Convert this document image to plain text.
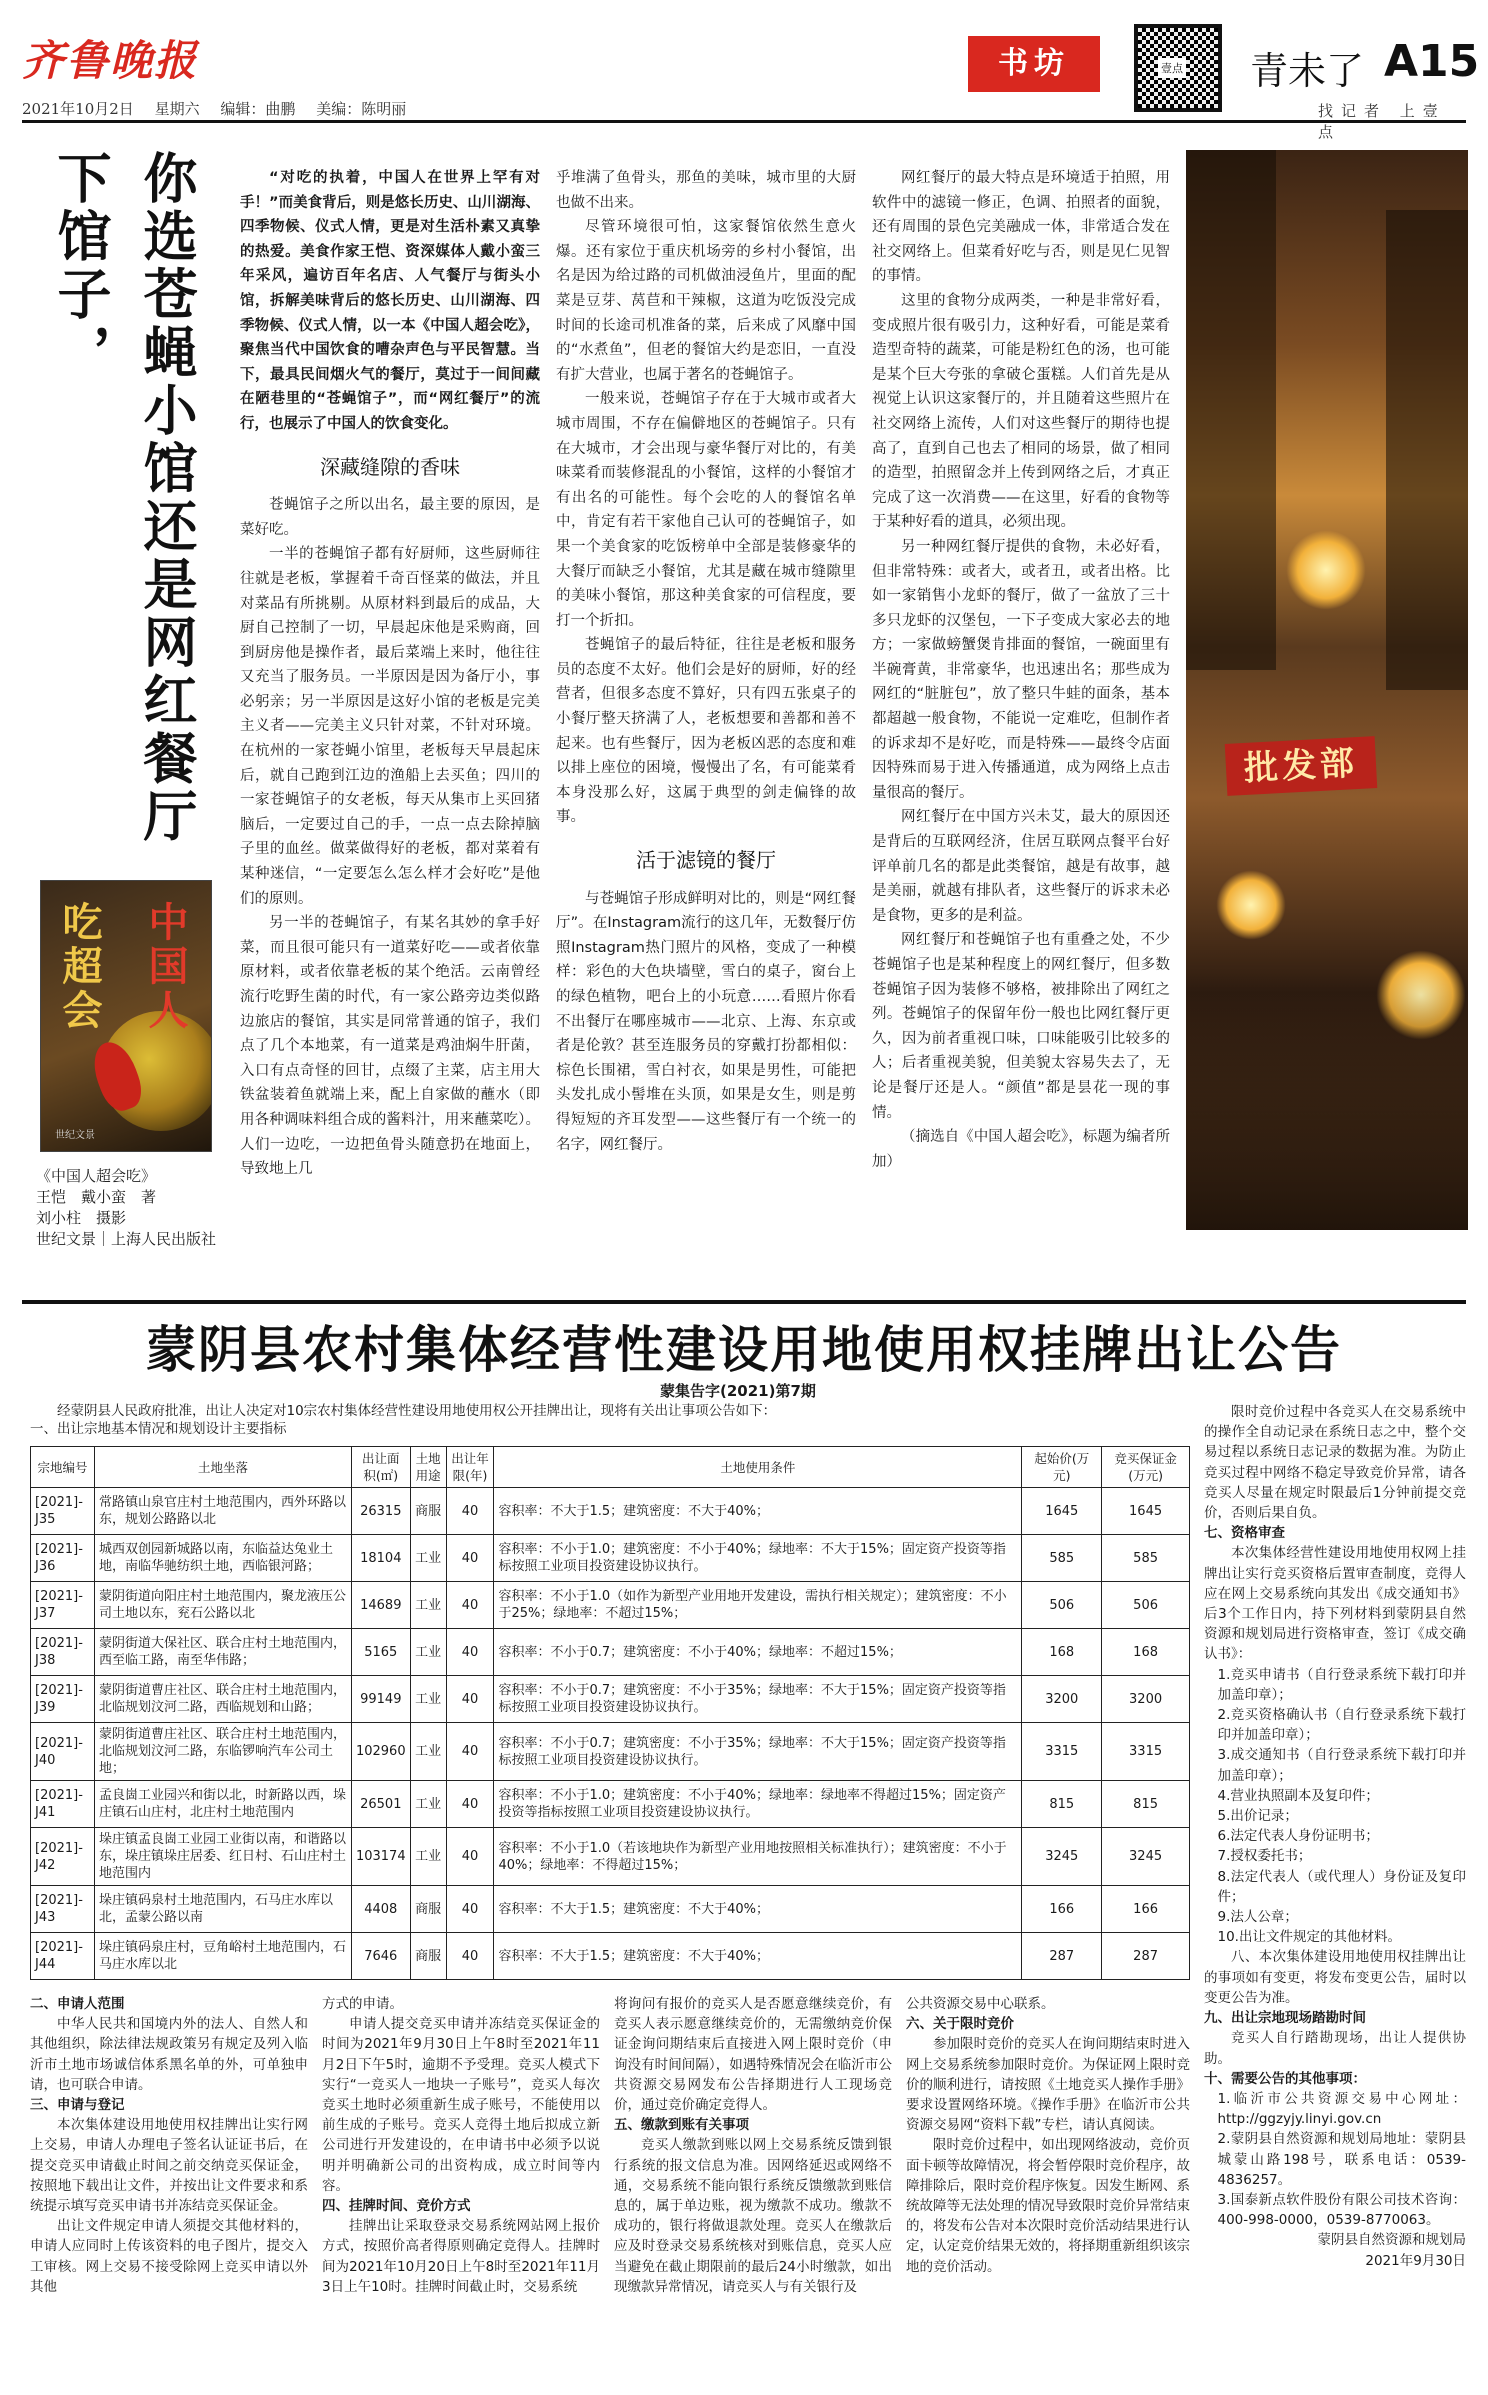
齐鲁晚报
2021年10月2日 星期六 编辑：曲鹏 美编：陈明丽
书坊	壹点 青未了 A15
找记者 上壹点
你选苍蝇小馆还是网红餐厅
下馆子，
吃超会 中国人
世纪文景
《中国人超会吃》
王恺　戴小蛮　著
刘小柱　摄影
世纪文景｜上海人民出版社

“对吃的执着，中国人在世界上罕有对手！”而美食背后，则是悠长历史、山川湖海、四季物候、仪式人情，更是对生活朴素又真挚的热爱。美食作家王恺、资深媒体人戴小蛮三年采风，遍访百年名店、人气餐厅与街头小馆，拆解美味背后的悠长历史、山川湖海、四季物候、仪式人情，以一本《中国人超会吃》，聚焦当代中国饮食的嘈杂声色与平民智慧。当下，最具民间烟火气的餐厅，莫过于一间间藏在陋巷里的“苍蝇馆子”，而“网红餐厅”的流行，也展示了中国人的饮食变化。

深藏缝隙的香味

苍蝇馆子之所以出名，最主要的原因，是菜好吃。

一半的苍蝇馆子都有好厨师，这些厨师往往就是老板，掌握着千奇百怪菜的做法，并且对菜品有所挑剔。从原材料到最后的成品，大厨自己控制了一切，早晨起床他是采购商，回到厨房他是操作者，最后菜端上来时，他往往又充当了服务员。一半原因是因为备厅小，事必躬亲；另一半原因是这好小馆的老板是完美主义者——完美主义只针对菜，不针对环境。在杭州的一家苍蝇小馆里，老板每天早晨起床后，就自己跑到江边的渔船上去买鱼；四川的一家苍蝇馆子的女老板，每天从集市上买回猪脑后，一定要过自己的手，一点一点去除掉脑子里的血丝。做菜做得好的老板，都对菜着有某种迷信，“一定要怎么怎么样才会好吃”是他们的原则。

另一半的苍蝇馆子，有某名其妙的拿手好菜，而且很可能只有一道菜好吃——或者依靠原材料，或者依靠老板的某个绝活。云南曾经流行吃野生菌的时代，有一家公路旁边类似路边旅店的餐馆，其实是同常普通的馆子，我们点了几个本地菜，有一道菜是鸡油焖牛肝菌，入口有点奇怪的回甘，点缀了主菜，店主用大铁盆装着鱼就端上来，配上自家做的蘸水（即用各种调味料组合成的酱料汁，用来蘸菜吃）。人们一边吃，一边把鱼骨头随意扔在地面上，导致地上几

乎堆满了鱼骨头，那鱼的美味，城市里的大厨也做不出来。

尽管环境很可怕，这家餐馆依然生意火爆。还有家位于重庆机场旁的乡村小餐馆，出名是因为给过路的司机做油浸鱼片，里面的配菜是豆芽、莴苣和干辣椒，这道为吃饭没完成时间的长途司机准备的菜，后来成了风靡中国的“水煮鱼”，但老的餐馆大约是恋旧，一直没有扩大营业，也属于著名的苍蝇馆子。

一般来说，苍蝇馆子存在于大城市或者大城市周围，不存在偏僻地区的苍蝇馆子。只有在大城市，才会出现与豪华餐厅对比的，有美味菜肴而装修混乱的小餐馆，这样的小餐馆才有出名的可能性。每个会吃的人的餐馆名单中，肯定有若干家他自己认可的苍蝇馆子，如果一个美食家的吃饭榜单中全部是装修豪华的大餐厅而缺乏小餐馆，尤其是藏在城市缝隙里的美味小餐馆，那这种美食家的可信程度，要打一个折扣。

苍蝇馆子的最后特征，往往是老板和服务员的态度不太好。他们会是好的厨师，好的经营者，但很多态度不算好，只有四五张桌子的小餐厅整天挤满了人，老板想要和善都和善不起来。也有些餐厅，因为老板凶恶的态度和难以排上座位的困境，慢慢出了名，有可能菜肴本身没那么好，这属于典型的剑走偏锋的故事。

活于滤镜的餐厅

与苍蝇馆子形成鲜明对比的，则是“网红餐厅”。在Instagram流行的这几年，无数餐厅仿照Instagram热门照片的风格，变成了一种模样：彩色的大色块墙壁，雪白的桌子，窗台上的绿色植物，吧台上的小玩意……看照片你看不出餐厅在哪座城市——北京、上海、东京或者是伦敦？甚至连服务员的穿戴打扮都相似：棕色长围裙，雪白衬衣，如果是男性，可能把头发扎成小髻堆在头顶，如果是女生，则是剪得短短的齐耳发型——这些餐厅有一个统一的名字，网红餐厅。

网红餐厅的最大特点是环境适于拍照，用软件中的滤镜一修正，色调、拍照者的面貌，还有周围的景色完美融成一体，非常适合发在社交网络上。但菜肴好吃与否，则是见仁见智的事情。

这里的食物分成两类，一种是非常好看，变成照片很有吸引力，这种好看，可能是菜肴造型奇特的蔬菜，可能是粉红色的汤，也可能是某个巨大夸张的拿破仑蛋糕。人们首先是从视觉上认识这家餐厅的，并且随着这些照片在社交网络上流传，人们对这些餐厅的期待也提高了，直到自己也去了相同的场景，做了相同的造型，拍照留念并上传到网络之后，才真正完成了这一次消费——在这里，好看的食物等于某种好看的道具，必须出现。

另一种网红餐厅提供的食物，未必好看，但非常特殊：或者大，或者丑，或者出格。比如一家销售小龙虾的餐厅，做了一盆放了三十多只龙虾的汉堡包，一下子变成大家必去的地方；一家做螃蟹煲肯排面的餐馆，一碗面里有半碗膏黄，非常豪华，也迅速出名；那些成为网红的“脏脏包”，放了整只牛蛙的面条，基本都超越一般食物，不能说一定难吃，但制作者的诉求却不是好吃，而是特殊——最终令店面因特殊而易于进入传播通道，成为网络上点击量很高的餐厅。

网红餐厅在中国方兴未艾，最大的原因还是背后的互联网经济，住居互联网点餐平台好评单前几名的都是此类餐馆，越是有故事，越是美丽，就越有排队者，这些餐厅的诉求未必是食物，更多的是利益。

网红餐厅和苍蝇馆子也有重叠之处，不少苍蝇馆子也是某种程度上的网红餐厅，但多数苍蝇馆子因为装修不够格，被排除出了网红之列。苍蝇馆子的保留年份一般也比网红餐厅更久，因为前者重视口味，口味能吸引比较多的人；后者重视美貌，但美貌太容易失去了，无论是餐厅还是人。“颜值”都是昙花一现的事情。

（摘选自《中国人超会吃》，标题为编者所加）

批发部
蒙阴县农村集体经营性建设用地使用权挂牌出让公告
蒙集告字(2021)第7期

经蒙阴县人民政府批准，出让人决定对10宗农村集体经营性建设用地使用权公开挂牌出让，现将有关出让事项公告如下：

一、出让宗地基本情况和规划设计主要指标
宗地编号	土地坐落	出让面积(㎡)	土地用途	出让年限(年)	土地使用条件	起始价(万元)	竞买保证金(万元)
[2021]-J35	常路镇山泉官庄村土地范围内，西外环路以东，规划公路路以北	26315	商服	40	容积率：不大于1.5；建筑密度：不大于40%；	1645	1645
[2021]-J36	城西双创园新城路以南，东临益达兔业土地，南临华驰纺织土地，西临银河路；	18104	工业	40	容积率：不小于1.0；建筑密度：不小于40%；绿地率：不大于15%；固定资产投资等指标按照工业项目投资建设协议执行。	585	585
[2021]-J37	蒙阴街道向阳庄村土地范围内，聚龙液压公司土地以东，兖石公路以北	14689	工业	40	容积率：不小于1.0（如作为新型产业用地开发建设，需执行相关规定）；建筑密度：不小于25%；绿地率：不超过15%；	506	506
[2021]-J38	蒙阴街道大保社区、联合庄村土地范围内，西至临工路，南至华伟路；	5165	工业	40	容积率：不小于0.7；建筑密度：不小于40%；绿地率：不超过15%；	168	168
[2021]-J39	蒙阴街道曹庄社区、联合庄村土地范围内，北临规划汶河二路，西临规划和山路；	99149	工业	40	容积率：不小于0.7；建筑密度：不小于35%；绿地率：不大于15%；固定资产投资等指标按照工业项目投资建设协议执行。	3200	3200
[2021]-J40	蒙阴街道曹庄社区、联合庄村土地范围内，北临规划汶河二路，东临锣响汽车公司土地；	102960	工业	40	容积率：不小于0.7；建筑密度：不小于35%；绿地率：不大于15%；固定资产投资等指标按照工业项目投资建设协议执行。	3315	3315
[2021]-J41	孟良崮工业园兴和街以北，时新路以西，垛庄镇石山庄村，北庄村土地范围内	26501	工业	40	容积率：不小于1.0；建筑密度：不小于40%；绿地率：绿地率不得超过15%；固定资产投资等指标按照工业项目投资建设协议执行。	815	815
[2021]-J42	垛庄镇孟良崮工业园工业街以南，和谐路以东，垛庄镇垛庄居委、红日村、石山庄村土地范围内	103174	工业	40	容积率：不小于1.0（若该地块作为新型产业用地按照相关标准执行）；建筑密度：不小于40%；绿地率：不得超过15%；	3245	3245
[2021]-J43	垛庄镇码泉村土地范围内，石马庄水库以北，孟蒙公路以南	4408	商服	40	容积率：不大于1.5；建筑密度：不大于40%；	166	166
[2021]-J44	垛庄镇码泉庄村，豆角峪村土地范围内，石马庄水库以北	7646	商服	40	容积率：不大于1.5；建筑密度：不大于40%；	287	287

限时竞价过程中各竞买人在交易系统中的操作全自动记录在系统日志之中，整个交易过程以系统日志记录的数据为准。为防止竞买过程中网络不稳定导致竞价异常，请各竞买人尽量在规定时限最后1分钟前提交竞价，否则后果自负。

七、资格审查

本次集体经营性建设用地使用权网上挂牌出让实行竞买资格后置审查制度，竞得人应在网上交易系统向其发出《成交通知书》后3个工作日内，持下列材料到蒙阴县自然资源和规划局进行资格审查，签订《成交确认书》：

1.竞买申请书（自行登录系统下载打印并加盖印章）；

2.竞买资格确认书（自行登录系统下载打印并加盖印章）；

3.成交通知书（自行登录系统下载打印并加盖印章）；

4.营业执照副本及复印件；

5.出价记录；

6.法定代表人身份证明书；

7.授权委托书；

8.法定代表人（或代理人）身份证及复印件；

9.法人公章；

10.出让文件规定的其他材料。

八、本次集体建设用地使用权挂牌出让的事项如有变更，将发布变更公告，届时以变更公告为准。

九、出让宗地现场踏勘时间

竞买人自行踏勘现场，出让人提供协助。

十、需要公告的其他事项：

1.临沂市公共资源交易中心网址：http://ggzyjy.linyi.gov.cn

2.蒙阴县自然资源和规划局地址：蒙阴县城蒙山路198号，联系电话：0539-4836257。

3.国泰新点软件股份有限公司技术咨询：400-998-0000，0539-8770063。

蒙阴县自然资源和规划局

2021年9月30日

二、申请人范围

中华人民共和国境内外的法人、自然人和其他组织，除法律法规政策另有规定及列入临沂市土地市场诚信体系黑名单的外，可单独申请，也可联合申请。

三、申请与登记

本次集体建设用地使用权挂牌出让实行网上交易，申请人办理电子签名认证证书后，在提交竞买申请截止时间之前交纳竞买保证金，按照地下载出让文件，并按出让文件要求和系统提示填写竞买申请书并冻结竞买保证金。

出让文件规定申请人须提交其他材料的，申请人应同时上传该资料的电子图片，提交入工审核。网上交易不接受除网上竞买申请以外其他

方式的申请。

申请人提交竞买申请并冻结竞买保证金的时间为2021年9月30日上午8时至2021年11月2日下午5时，逾期不予受理。竞买人模式下实行“一竞买人一地块一子账号”，竞买人每次竞买土地时必须重新生成子账号，不能使用以前生成的子账号。竞买人竞得土地后拟成立新公司进行开发建设的，在申请书中必须予以说明并明确新公司的出资构成，成立时间等内容。

四、挂牌时间、竞价方式

挂牌出让采取登录交易系统网站网上报价方式，按照价高者得原则确定竞得人。挂牌时间为2021年10月20日上午8时至2021年11月3日上午10时。挂牌时间截止时，交易系统

将询问有报价的竞买人是否愿意继续竞价，有竞买人表示愿意继续竞价的，无需缴纳竞价保证金询问期结束后直接进入网上限时竞价（申询没有时间间隔），如遇特殊情况会在临沂市公共资源交易网发布公告择期进行人工现场竞价，通过竞价确定竞得人。

五、缴款到账有关事项

竞买人缴款到账以网上交易系统反馈到银行系统的报文信息为准。因网络延迟或网络不通，交易系统不能向银行系统反馈缴款到账信息的，属于单边账，视为缴款不成功。缴款不成功的，银行将做退款处理。竞买人在缴款后应及时登录交易系统核对到账信息，竞买人应当避免在截止期限前的最后24小时缴款，如出现缴款异常情况，请竞买人与有关银行及

公共资源交易中心联系。

六、关于限时竞价

参加限时竞价的竞买人在询问期结束时进入网上交易系统参加限时竞价。为保证网上限时竞价的顺利进行，请按照《土地竞买人操作手册》要求设置网络环境。《操作手册》在临沂市公共资源交易网“资料下载”专栏，请认真阅读。

限时竞价过程中，如出现网络波动，竞价页面卡顿等故障情况，将会暂停限时竞价程序，故障排除后，限时竞价程序恢复。因发生断网、系统故障等无法处理的情况导致限时竞价异常结束的，将发布公告对本次限时竞价活动结果进行认定，认定竞价结果无效的，将择期重新组织该宗地的竞价活动。
